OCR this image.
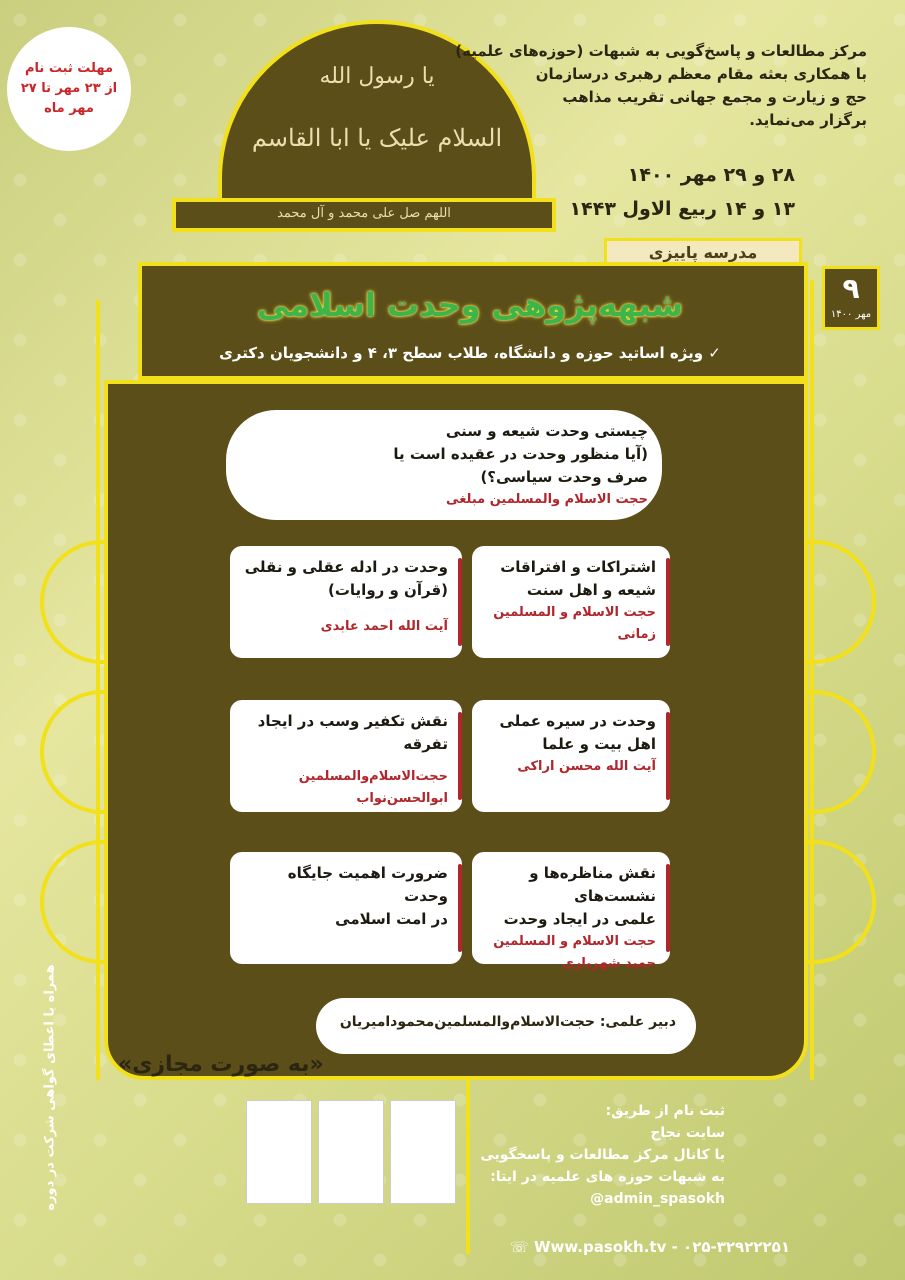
مهلت ثبت نام
از ۲۳ مهر تا ۲۷
مهر ماه
یا رسول الله
السلام علیک یا ابا القاسم
اللهم صل علی محمد و آل محمد
مرکز مطالعات و پاسخ‌گویی به شبهات (حوزه‌های علمیه)
با همکاری بعثه مقام معظم رهبری درسازمان
حج و زیارت و مجمع جهانی تقریب مذاهب
برگزار می‌نماید.
۲۸ و ۲۹ مهر ۱۴۰۰
۱۳ و ۱۴ ربیع الاول ۱۴۴۳
مدرسه پاییزی
۹
مهر ۱۴۰۰
شبهه‌پژوهی وحدت اسلامی
✓ ویژه اساتید حوزه و دانشگاه، طلاب سطح ۳، ۴ و دانشجویان دکتری
چیستی وحدت شیعه و سنی
(آیا منظور وحدت در عقیده است یا
صرف وحدت سیاسی؟)
حجت الاسلام والمسلمین مبلغی
اشتراکات و افتراقات
شیعه و اهل سنت
حجت الاسلام و المسلمین
زمانی
وحدت در ادله عقلی و نقلی
(قرآن و روایات)
آیت الله احمد عابدی
وحدت در سیره عملی
اهل بیت و علما
آیت الله محسن اراکی
نقش تکفیر وسب در ایجاد تفرقه
حجت‌الاسلام‌والمسلمین
ابوالحسن‌نواب
نقش مناظره‌ها و نشست‌های
علمی در ایجاد وحدت
حجت الاسلام و المسلمین
حمید شهریاری
ضرورت اهمیت جایگاه وحدت
در امت اسلامی
دبیر علمی: حجت‌الاسلام‌والمسلمین‌محمودامیریان
«به صورت مجازی»
ثبت نام از طریق:
سایت نجاح
یا کانال مرکز مطالعات و پاسخگویی
به شبهات حوزه های علمیه در ایتا:
@admin_spasokh
☏ Www.pasokh.tv - ۰۲۵-۳۲۹۲۲۲۵۱
همراه با اعطای گواهی شرکت در دوره
